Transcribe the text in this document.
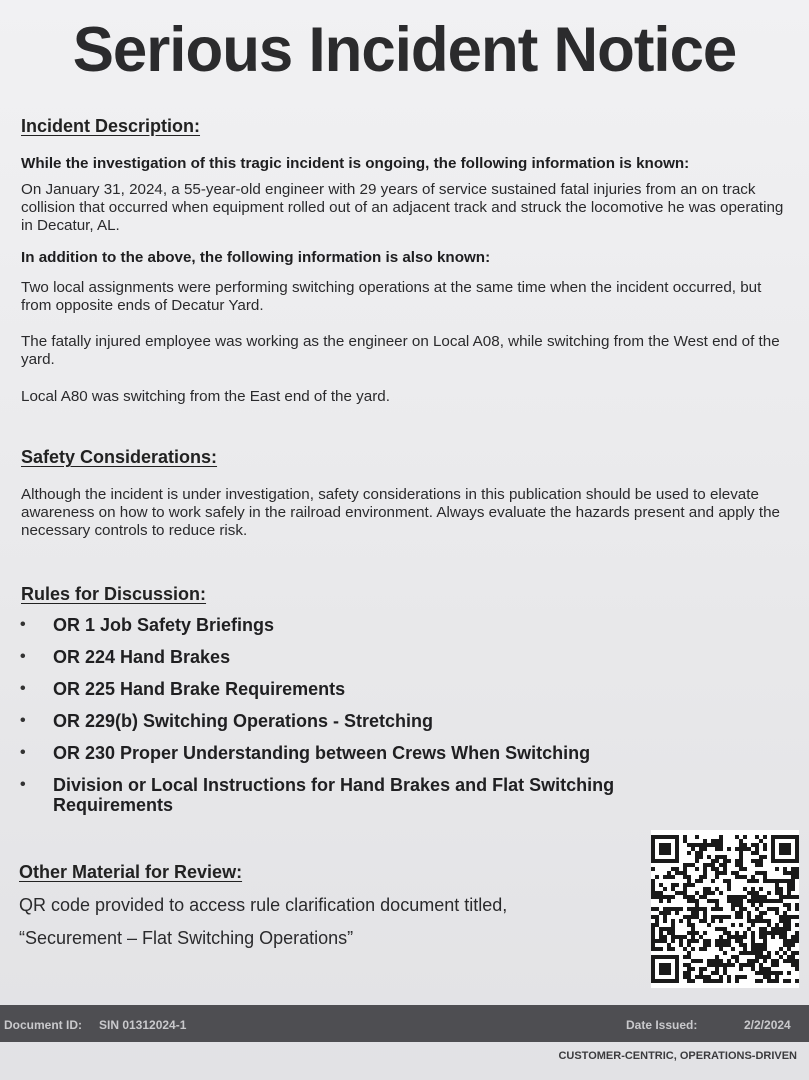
Serious Incident Notice
Incident Description:
While the investigation of this tragic incident is ongoing, the following information is known:
On January 31, 2024, a 55-year-old engineer with 29 years of service sustained fatal injuries from an on track collision that occurred when equipment rolled out of an adjacent track and struck the locomotive he was operating in Decatur, AL.
In addition to the above, the following information is also known:
Two local assignments were performing switching operations at the same time when the incident occurred, but from opposite ends of Decatur Yard.
The fatally injured employee was working as the engineer on Local A08, while switching from the West end of the yard.
Local A80 was switching from the East end of the yard.
Safety Considerations:
Although the incident is under investigation, safety considerations in this publication should be used to elevate awareness on how to work safely in the railroad environment. Always evaluate the hazards present and apply the necessary controls to reduce risk.
Rules for Discussion:
• OR 1 Job Safety Briefings
• OR 224 Hand Brakes
• OR 225 Hand Brake Requirements
• OR 229(b) Switching Operations - Stretching
• OR 230 Proper Understanding between Crews When Switching
• Division or Local Instructions for Hand Brakes and Flat Switching Requirements
Other Material for Review:
QR code provided to access rule clarification document titled,
“Securement – Flat Switching Operations”
Document ID: SIN 01312024-1	Date Issued:	2/2/2024
CUSTOMER-CENTRIC, OPERATIONS-DRIVEN
